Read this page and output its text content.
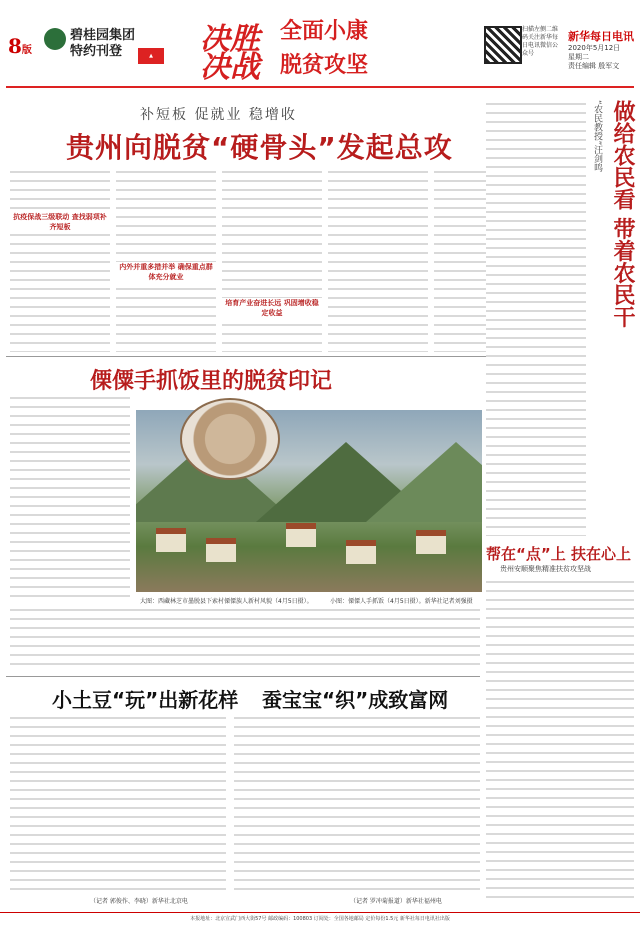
8版
碧桂园集团
特约刊登	▲	决胜 全面小康
决战 脱贫攻坚
扫描左侧二维码关注新华每日电讯微信公众号
新华每日电讯
2020年5月12日
星期二
责任编辑 殷军文
补短板 促就业 稳增收
贵州向脱贫“硬骨头”发起总攻
抗疫保战三级联动 查找弱项补齐短板
内外并重多措并举 确保重点群体充分就业
培育产业奋进长远 巩固增收稳定收益
傈僳手抓饭里的脱贫印记
大图：西藏林芝市墨脱县下索村傈僳族人新村风貌（4月5日摄）。	小图：傈僳人手抓饭（4月5日摄）。新华社记者刘强摄
做给农民看 带着农民干
“农民教授”汪剑鸣
帮在“点”上 扶在心上
贵州安顺聚焦精准扶贫攻坚战
小土豆“玩”出新花样 蚕宝宝“织”成致富网
（记者 郭俊作、李晓）新华社北京电	（记者 罗冲菊报道）新华社福州电
本报地址：北京宣武门西大街57号 邮政编码：100803 订阅处：全国各地邮局 定价每份1.5元 新华社每日电讯社出版
